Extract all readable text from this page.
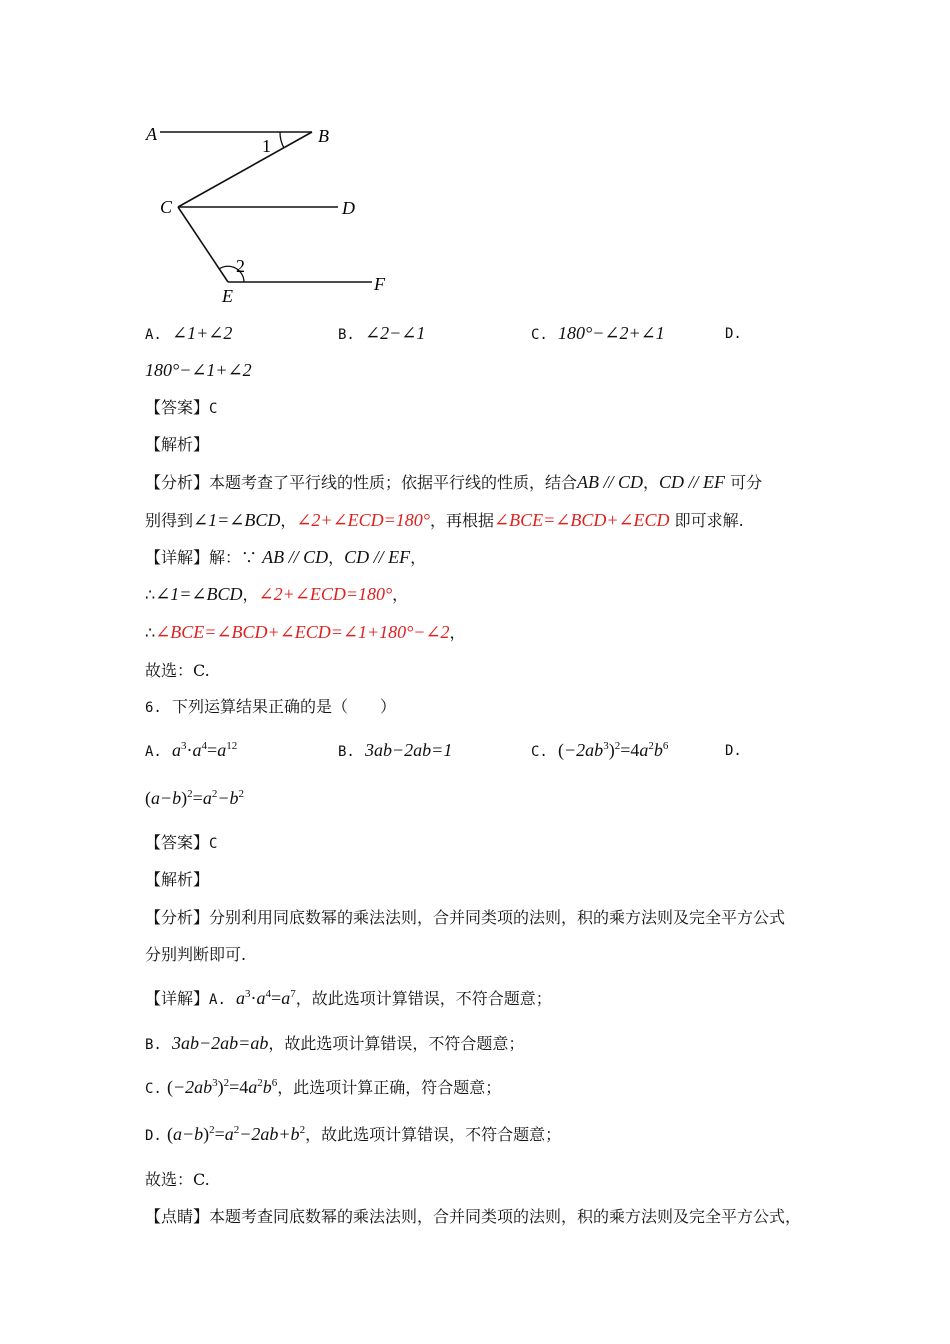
A	B
C	D
E
F
1
2
A. ∠1+∠2	B. ∠2−∠1	C. 180°−∠2+∠1	D.
180°−∠1+∠2
【答案】C
【解析】
【分析】本题考查了平行线的性质；依据平行线的性质，结合AB // CD，CD // EF 可分
别得到∠1=∠BCD，∠2+∠ECD=180°，再根据∠BCE=∠BCD+∠ECD 即可求解.
【详解】解：∵ AB // CD，CD // EF，
∴∠1=∠BCD，∠2+∠ECD=180°，
∴∠BCE=∠BCD+∠ECD=∠1+180°−∠2，
故选：C.
6. 下列运算结果正确的是（　　）
A. $a^3\cdot a^4=a^{12}$	B. 3ab−2ab=1	C. $(-2ab^3)^2=4a^2b^6$	D.
$(a-b)^2=a^2-b^2$
【答案】C
【解析】
【分析】分别利用同底数幂的乘法法则，合并同类项的法则，积的乘方法则及完全平方公式
分别判断即可.
【详解】A. $a^3\cdot a^4=a^7$，故此选项计算错误，不符合题意；
B. 3ab−2ab=ab，故此选项计算错误，不符合题意；
C. $(-2ab^3)^2=4a^2b^6$，此选项计算正确，符合题意；
D. $(a-b)^2=a^2-2ab+b^2$，故此选项计算错误，不符合题意；
故选：C.
【点睛】本题考查同底数幂的乘法法则，合并同类项的法则，积的乘方法则及完全平方公式，
